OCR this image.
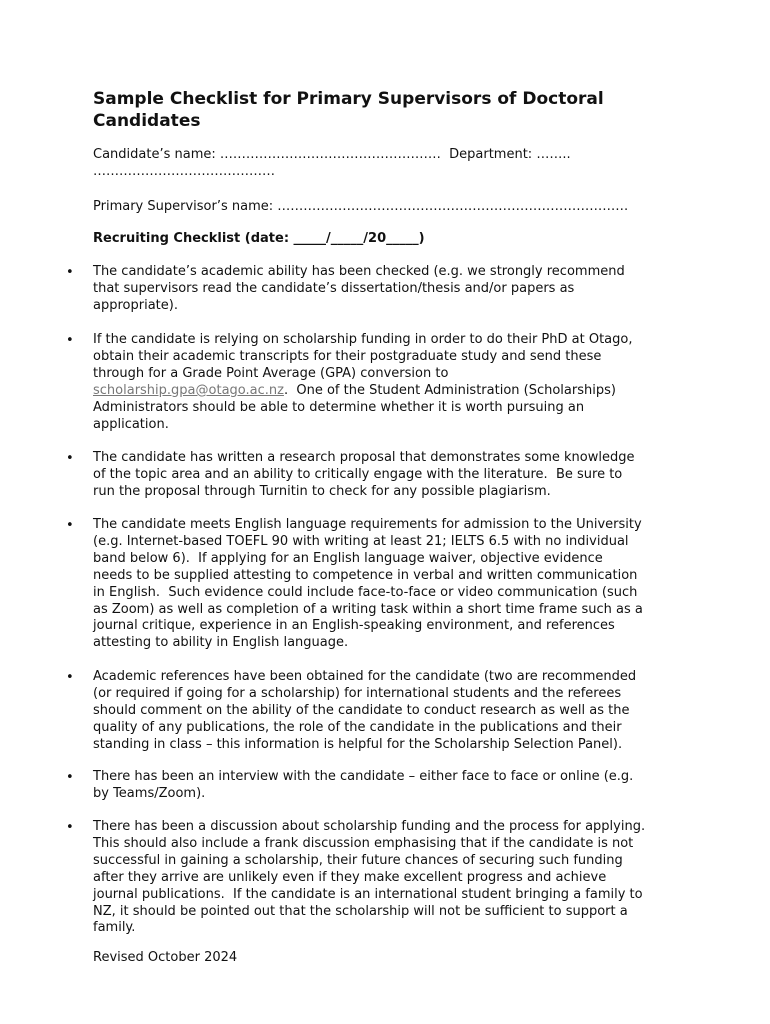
Sample Checklist for Primary Supervisors of Doctoral
Candidates
Candidate’s name: ……………………………………………  Department: ……..
……………………………………
Primary Supervisor’s name: ………………………………………………………………………
Recruiting Checklist (date: _____/_____/20_____)
• The candidate’s academic ability has been checked (e.g. we strongly recommend
that supervisors read the candidate’s dissertation/thesis and/or papers as
appropriate).
• If the candidate is relying on scholarship funding in order to do their PhD at Otago,
obtain their academic transcripts for their postgraduate study and send these
through for a Grade Point Average (GPA) conversion to
scholarship.gpa@otago.ac.nz.  One of the Student Administration (Scholarships)
Administrators should be able to determine whether it is worth pursuing an
application.
• The candidate has written a research proposal that demonstrates some knowledge
of the topic area and an ability to critically engage with the literature.  Be sure to
run the proposal through Turnitin to check for any possible plagiarism.
• The candidate meets English language requirements for admission to the University
(e.g. Internet-based TOEFL 90 with writing at least 21; IELTS 6.5 with no individual
band below 6).  If applying for an English language waiver, objective evidence
needs to be supplied attesting to competence in verbal and written communication
in English.  Such evidence could include face-to-face or video communication (such
as Zoom) as well as completion of a writing task within a short time frame such as a
journal critique, experience in an English-speaking environment, and references
attesting to ability in English language.
• Academic references have been obtained for the candidate (two are recommended
(or required if going for a scholarship) for international students and the referees
should comment on the ability of the candidate to conduct research as well as the
quality of any publications, the role of the candidate in the publications and their
standing in class – this information is helpful for the Scholarship Selection Panel).
• There has been an interview with the candidate – either face to face or online (e.g.
by Teams/Zoom).
• There has been a discussion about scholarship funding and the process for applying.
This should also include a frank discussion emphasising that if the candidate is not
successful in gaining a scholarship, their future chances of securing such funding
after they arrive are unlikely even if they make excellent progress and achieve
journal publications.  If the candidate is an international student bringing a family to
NZ, it should be pointed out that the scholarship will not be sufficient to support a
family.
Revised October 2024
